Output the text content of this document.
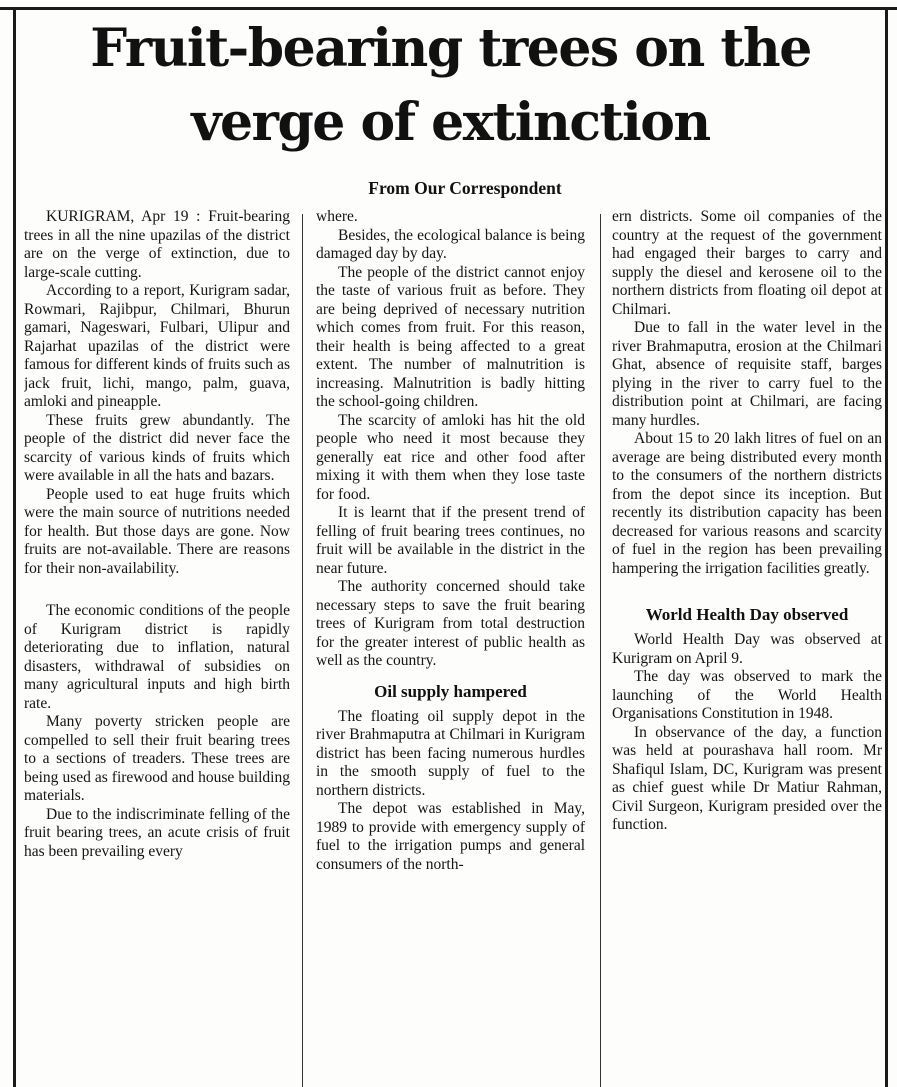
Fruit-bearing trees on the verge of extinction
From Our Correspondent

KURIGRAM, Apr 19 : Fruit-bearing trees in all the nine upazilas of the district are on the verge of extinction, due to large-scale cutting.

According to a report, Kurigram sadar, Rowmari, Rajibpur, Chilmari, Bhurun gamari, Nageswari, Fulbari, Ulipur and Rajarhat upazilas of the district were famous for different kinds of fruits such as jack fruit, lichi, mango, palm, guava, amloki and pineapple.

These fruits grew abundantly. The people of the district did never face the scarcity of various kinds of fruits which were available in all the hats and bazars.

People used to eat huge fruits which were the main source of nutritions needed for health. But those days are gone. Now fruits are not-available. There are reasons for their non-availability.

The economic conditions of the people of Kurigram district is rapidly deteriorating due to inflation, natural disasters, withdrawal of subsidies on many agricultural inputs and high birth rate.

Many poverty stricken people are compelled to sell their fruit bearing trees to a sections of treaders. These trees are being used as firewood and house building materials.

Due to the indiscriminate felling of the fruit bearing trees, an acute crisis of fruit has been prevailing every

where.

Besides, the ecological balance is being damaged day by day.

The people of the district cannot enjoy the taste of various fruit as before. They are being deprived of necessary nutrition which comes from fruit. For this reason, their health is being affected to a great extent. The number of malnutrition is increasing. Malnutrition is badly hitting the school-going children.

The scarcity of amloki has hit the old people who need it most because they generally eat rice and other food after mixing it with them when they lose taste for food.

It is learnt that if the present trend of felling of fruit bearing trees continues, no fruit will be available in the district in the near future.

The authority concerned should take necessary steps to save the fruit bearing trees of Kurigram from total destruction for the greater interest of public health as well as the country.

Oil supply hampered

The floating oil supply depot in the river Brahmaputra at Chilmari in Kurigram district has been facing numerous hurdles in the smooth supply of fuel to the northern districts.

The depot was established in May, 1989 to provide with emergency supply of fuel to the irrigation pumps and general consumers of the north-

ern districts. Some oil companies of the country at the request of the government had engaged their barges to carry and supply the diesel and kerosene oil to the northern districts from floating oil depot at Chilmari.

Due to fall in the water level in the river Brahmaputra, erosion at the Chilmari Ghat, absence of requisite staff, barges plying in the river to carry fuel to the distribution point at Chilmari, are facing many hurdles.

About 15 to 20 lakh litres of fuel on an average are being distributed every month to the consumers of the northern districts from the depot since its inception. But recently its distribution capacity has been decreased for various reasons and scarcity of fuel in the region has been prevailing hampering the irrigation facilities greatly.

World Health Day observed

World Health Day was observed at Kurigram on April 9.

The day was observed to mark the launching of the World Health Organisations Constitution in 1948.

In observance of the day, a function was held at pourashava hall room. Mr Shafiqul Islam, DC, Kurigram was present as chief guest while Dr Matiur Rahman, Civil Surgeon, Kurigram presided over the function.
